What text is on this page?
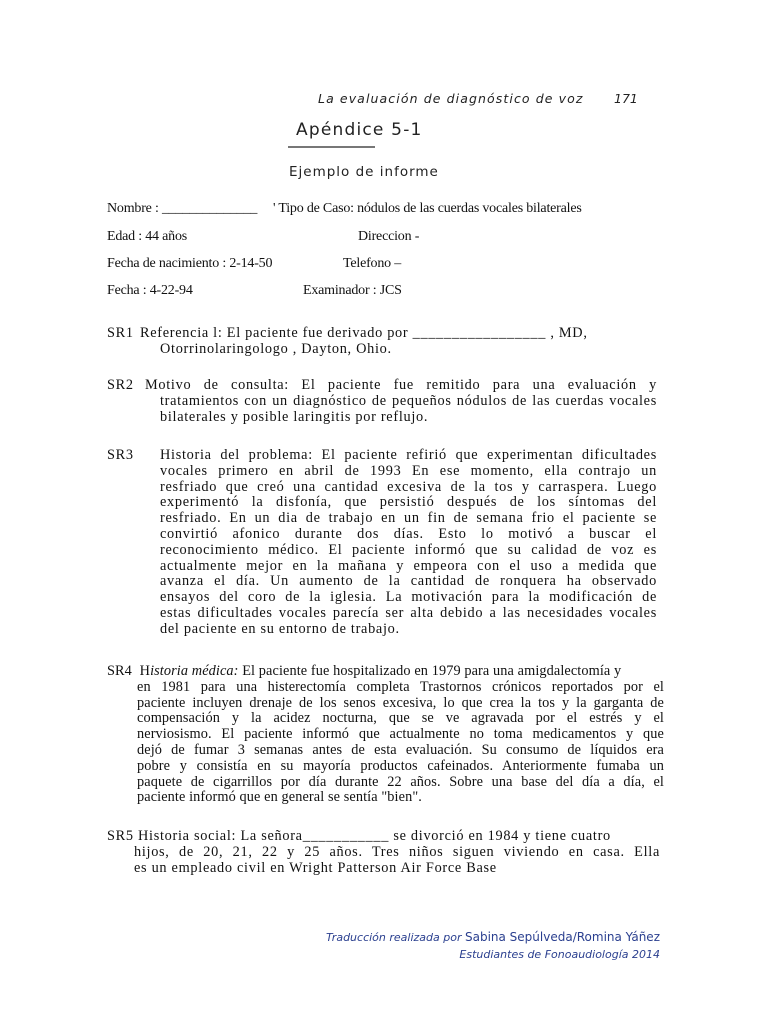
La evaluación de diagnóstico de voz 171
Apéndice 5-1
Ejemplo de informe
Nombre : ______________ ' Tipo de Caso: nódulos de las cuerdas vocales bilaterales
Edad : 44 años	Direccion -
Fecha de nacimiento : 2-14-50	Telefono –
Fecha : 4-22-94	Examinador : JCS
SR1 Referencia l: El paciente fue derivado por _________________ , MD,
Otorrinolaringologo , Dayton, Ohio.
SR2 Motivo de consulta: El paciente fue remitido para una evaluación y
tratamientos con un diagnóstico de pequeños nódulos de las cuerdas vocales
bilaterales y posible laringitis por reflujo.
SR3 Historia del problema: El paciente refirió que experimentan dificultades
vocales primero en abril de 1993 En ese momento, ella contrajo un
resfriado que creó una cantidad excesiva de la tos y carraspera. Luego
experimentó la disfonía, que persistió después de los síntomas del
resfriado. En un dia de trabajo en un fin de semana frio el paciente se
convirtió afonico durante dos días. Esto lo motivó a buscar el
reconocimiento médico. El paciente informó que su calidad de voz es
actualmente mejor en la mañana y empeora con el uso a medida que
avanza el día. Un aumento de la cantidad de ronquera ha observado
ensayos del coro de la iglesia. La motivación para la modificación de
estas dificultades vocales parecía ser alta debido a las necesidades vocales
del paciente en su entorno de trabajo.
SR4 Historia médica: El paciente fue hospitalizado en 1979 para una amigdalectomía y
en 1981 para una histerectomía completa Trastornos crónicos reportados por el
paciente incluyen drenaje de los senos excesiva, lo que crea la tos y la garganta de
compensación y la acidez nocturna, que se ve agravada por el estrés y el
nerviosismo. El paciente informó que actualmente no toma medicamentos y que
dejó de fumar 3 semanas antes de esta evaluación. Su consumo de líquidos era
pobre y consistía en su mayoría productos cafeinados. Anteriormente fumaba un
paquete de cigarrillos por día durante 22 años. Sobre una base del día a día, el
paciente informó que en general se sentía "bien".
SR5 Historia social: La señora___________ se divorció en 1984 y tiene cuatro
hijos, de 20, 21, 22 y 25 años. Tres niños siguen viviendo en casa. Ella
es un empleado civil en Wright Patterson Air Force Base
Traducción realizada por Sabina Sepúlveda/Romina Yáñez
Estudiantes de Fonoaudiología 2014
